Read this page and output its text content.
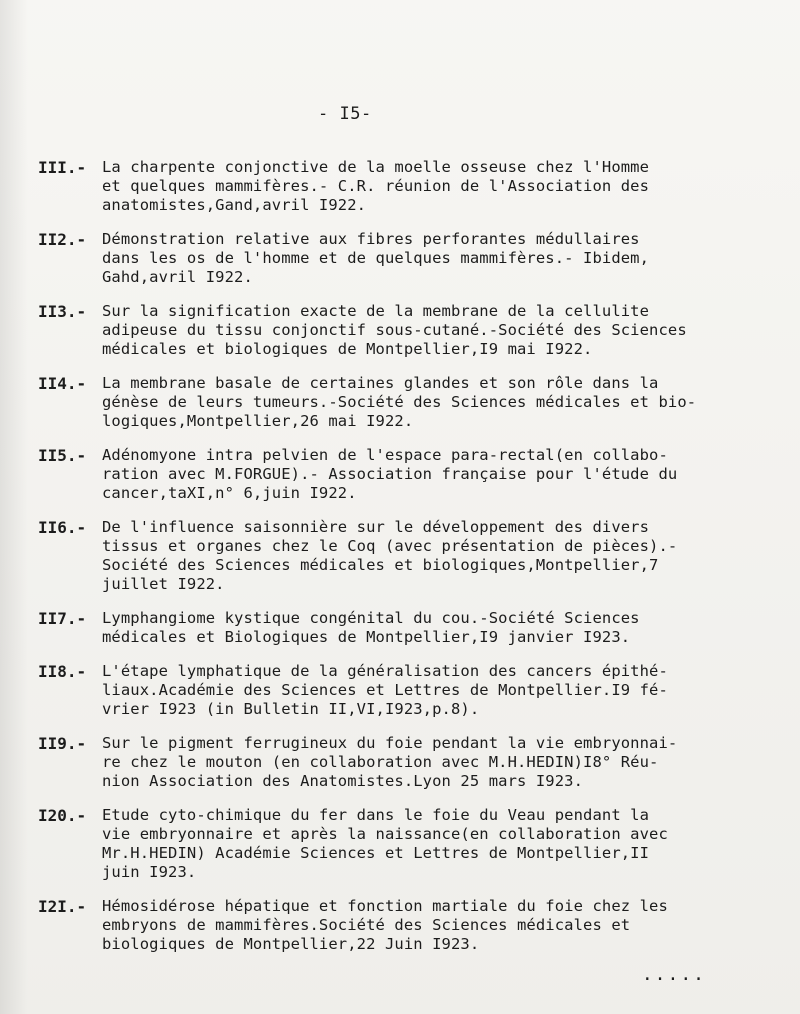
- I5-
III.-	La charpente conjonctive de la moelle osseuse chez l'Homme
et quelques mammifères.- C.R. réunion de l'Association des
anatomistes,Gand,avril I922.
II2.-	Démonstration relative aux fibres perforantes médullaires
dans les os de l'homme et de quelques mammifères.- Ibidem,
Gahd,avril I922.
II3.-	Sur la signification exacte de la membrane de la cellulite
adipeuse du tissu conjonctif sous-cutané.-Société des Sciences
médicales et biologiques de Montpellier,I9 mai I922.
II4.-	La membrane basale de certaines glandes et son rôle dans la
génèse de leurs tumeurs.-Société des Sciences médicales et bio-
logiques,Montpellier,26 mai I922.
II5.-	Adénomyone intra pelvien de l'espace para-rectal(en collabo-
ration avec M.FORGUE).- Association française pour l'étude du
cancer,taXI,n° 6,juin I922.
II6.-	De l'influence saisonnière sur le développement des divers
tissus et organes chez le Coq (avec présentation de pièces).-
Société des Sciences médicales et biologiques,Montpellier,7
juillet I922.
II7.-	Lymphangiome kystique congénital du cou.-Société Sciences
médicales et Biologiques de Montpellier,I9 janvier I923.
II8.-	L'étape lymphatique de la généralisation des cancers épithé-
liaux.Académie des Sciences et Lettres de Montpellier.I9 fé-
vrier I923 (in Bulletin II,VI,I923,p.8).
II9.-	Sur le pigment ferrugineux du foie pendant la vie embryonnai-
re chez le mouton (en collaboration avec M.H.HEDIN)I8° Réu-
nion Association des Anatomistes.Lyon 25 mars I923.
I20.-	Etude cyto-chimique du fer dans le foie du Veau pendant la
vie embryonnaire et après la naissance(en collaboration avec
Mr.H.HEDIN) Académie Sciences et Lettres de Montpellier,II
juin I923.
I2I.-	Hémosidérose hépatique et fonction martiale du foie chez les
embryons de mammifères.Société des Sciences médicales et
biologiques de Montpellier,22 Juin I923.
.....
